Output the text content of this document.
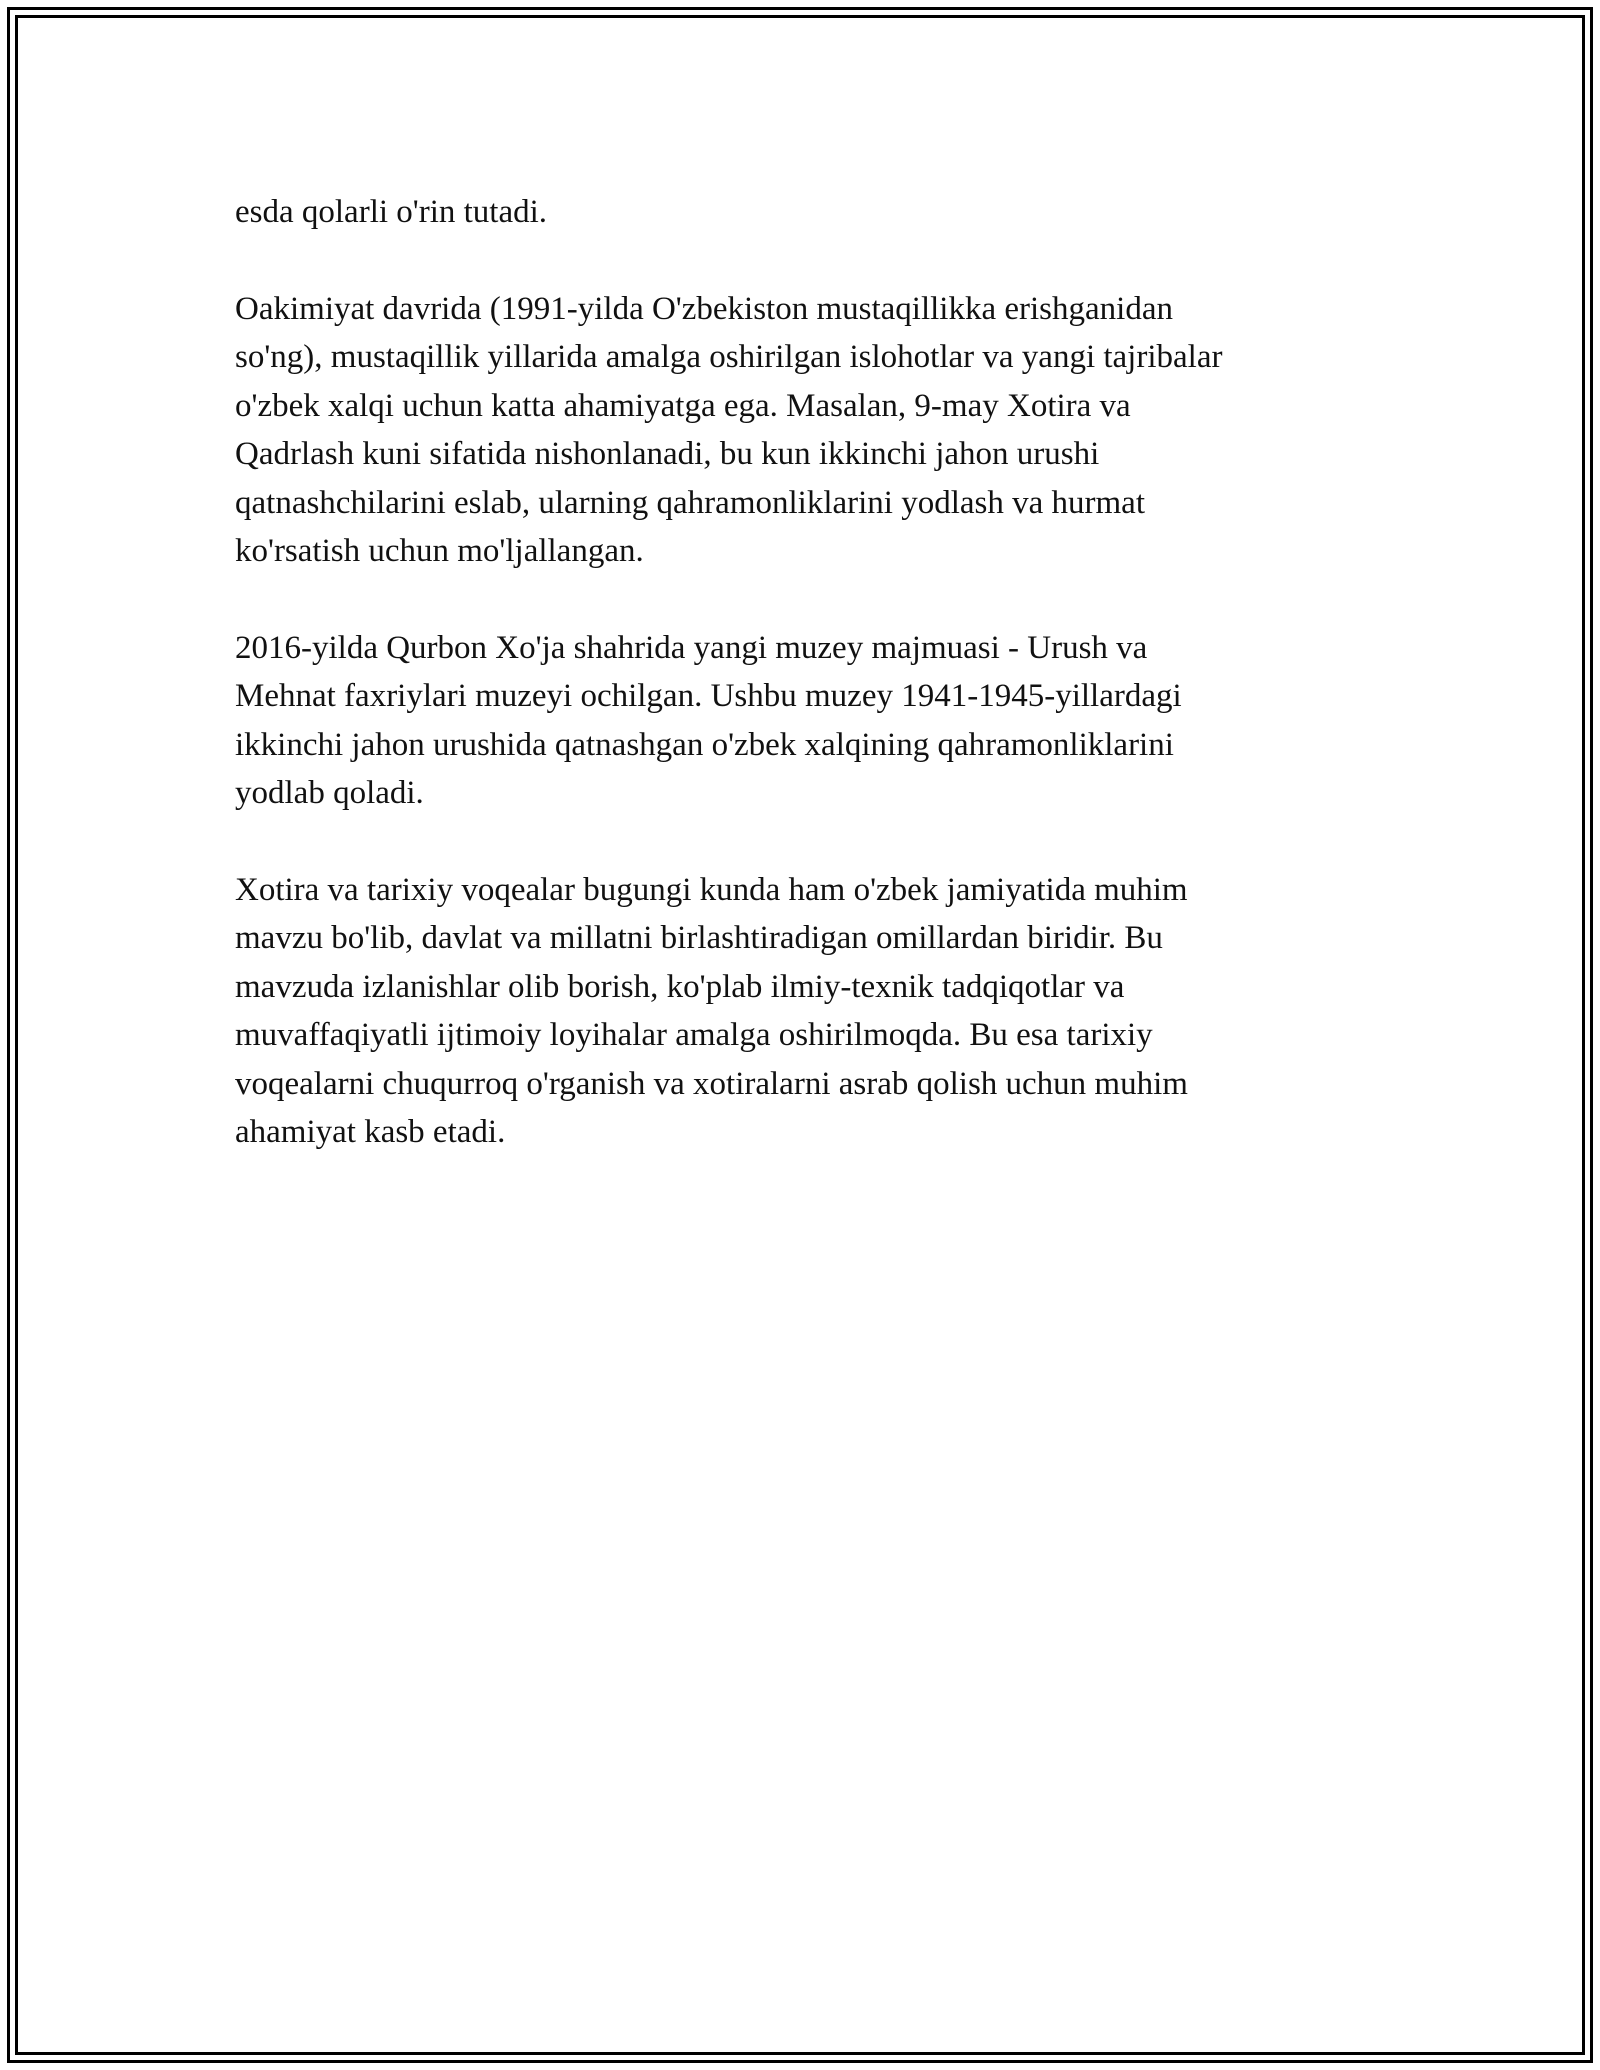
esda qolarli o'rin tutadi.

Oakimiyat davrida (1991-yilda O'zbekiston mustaqillikka erishganidan
so'ng), mustaqillik yillarida amalga oshirilgan islohotlar va yangi tajribalar
o'zbek xalqi uchun katta ahamiyatga ega. Masalan, 9-may Xotira va
Qadrlash kuni sifatida nishonlanadi, bu kun ikkinchi jahon urushi
qatnashchilarini eslab, ularning qahramonliklarini yodlash va hurmat
ko'rsatish uchun mo'ljallangan.

2016-yilda Qurbon Xo'ja shahrida yangi muzey majmuasi - Urush va
Mehnat faxriylari muzeyi ochilgan. Ushbu muzey 1941-1945-yillardagi
ikkinchi jahon urushida qatnashgan o'zbek xalqining qahramonliklarini
yodlab qoladi.

Xotira va tarixiy voqealar bugungi kunda ham o'zbek jamiyatida muhim
mavzu bo'lib, davlat va millatni birlashtiradigan omillardan biridir. Bu
mavzuda izlanishlar olib borish, ko'plab ilmiy-texnik tadqiqotlar va
muvaffaqiyatli ijtimoiy loyihalar amalga oshirilmoqda. Bu esa tarixiy
voqealarni chuqurroq o'rganish va xotiralarni asrab qolish uchun muhim
ahamiyat kasb etadi.
